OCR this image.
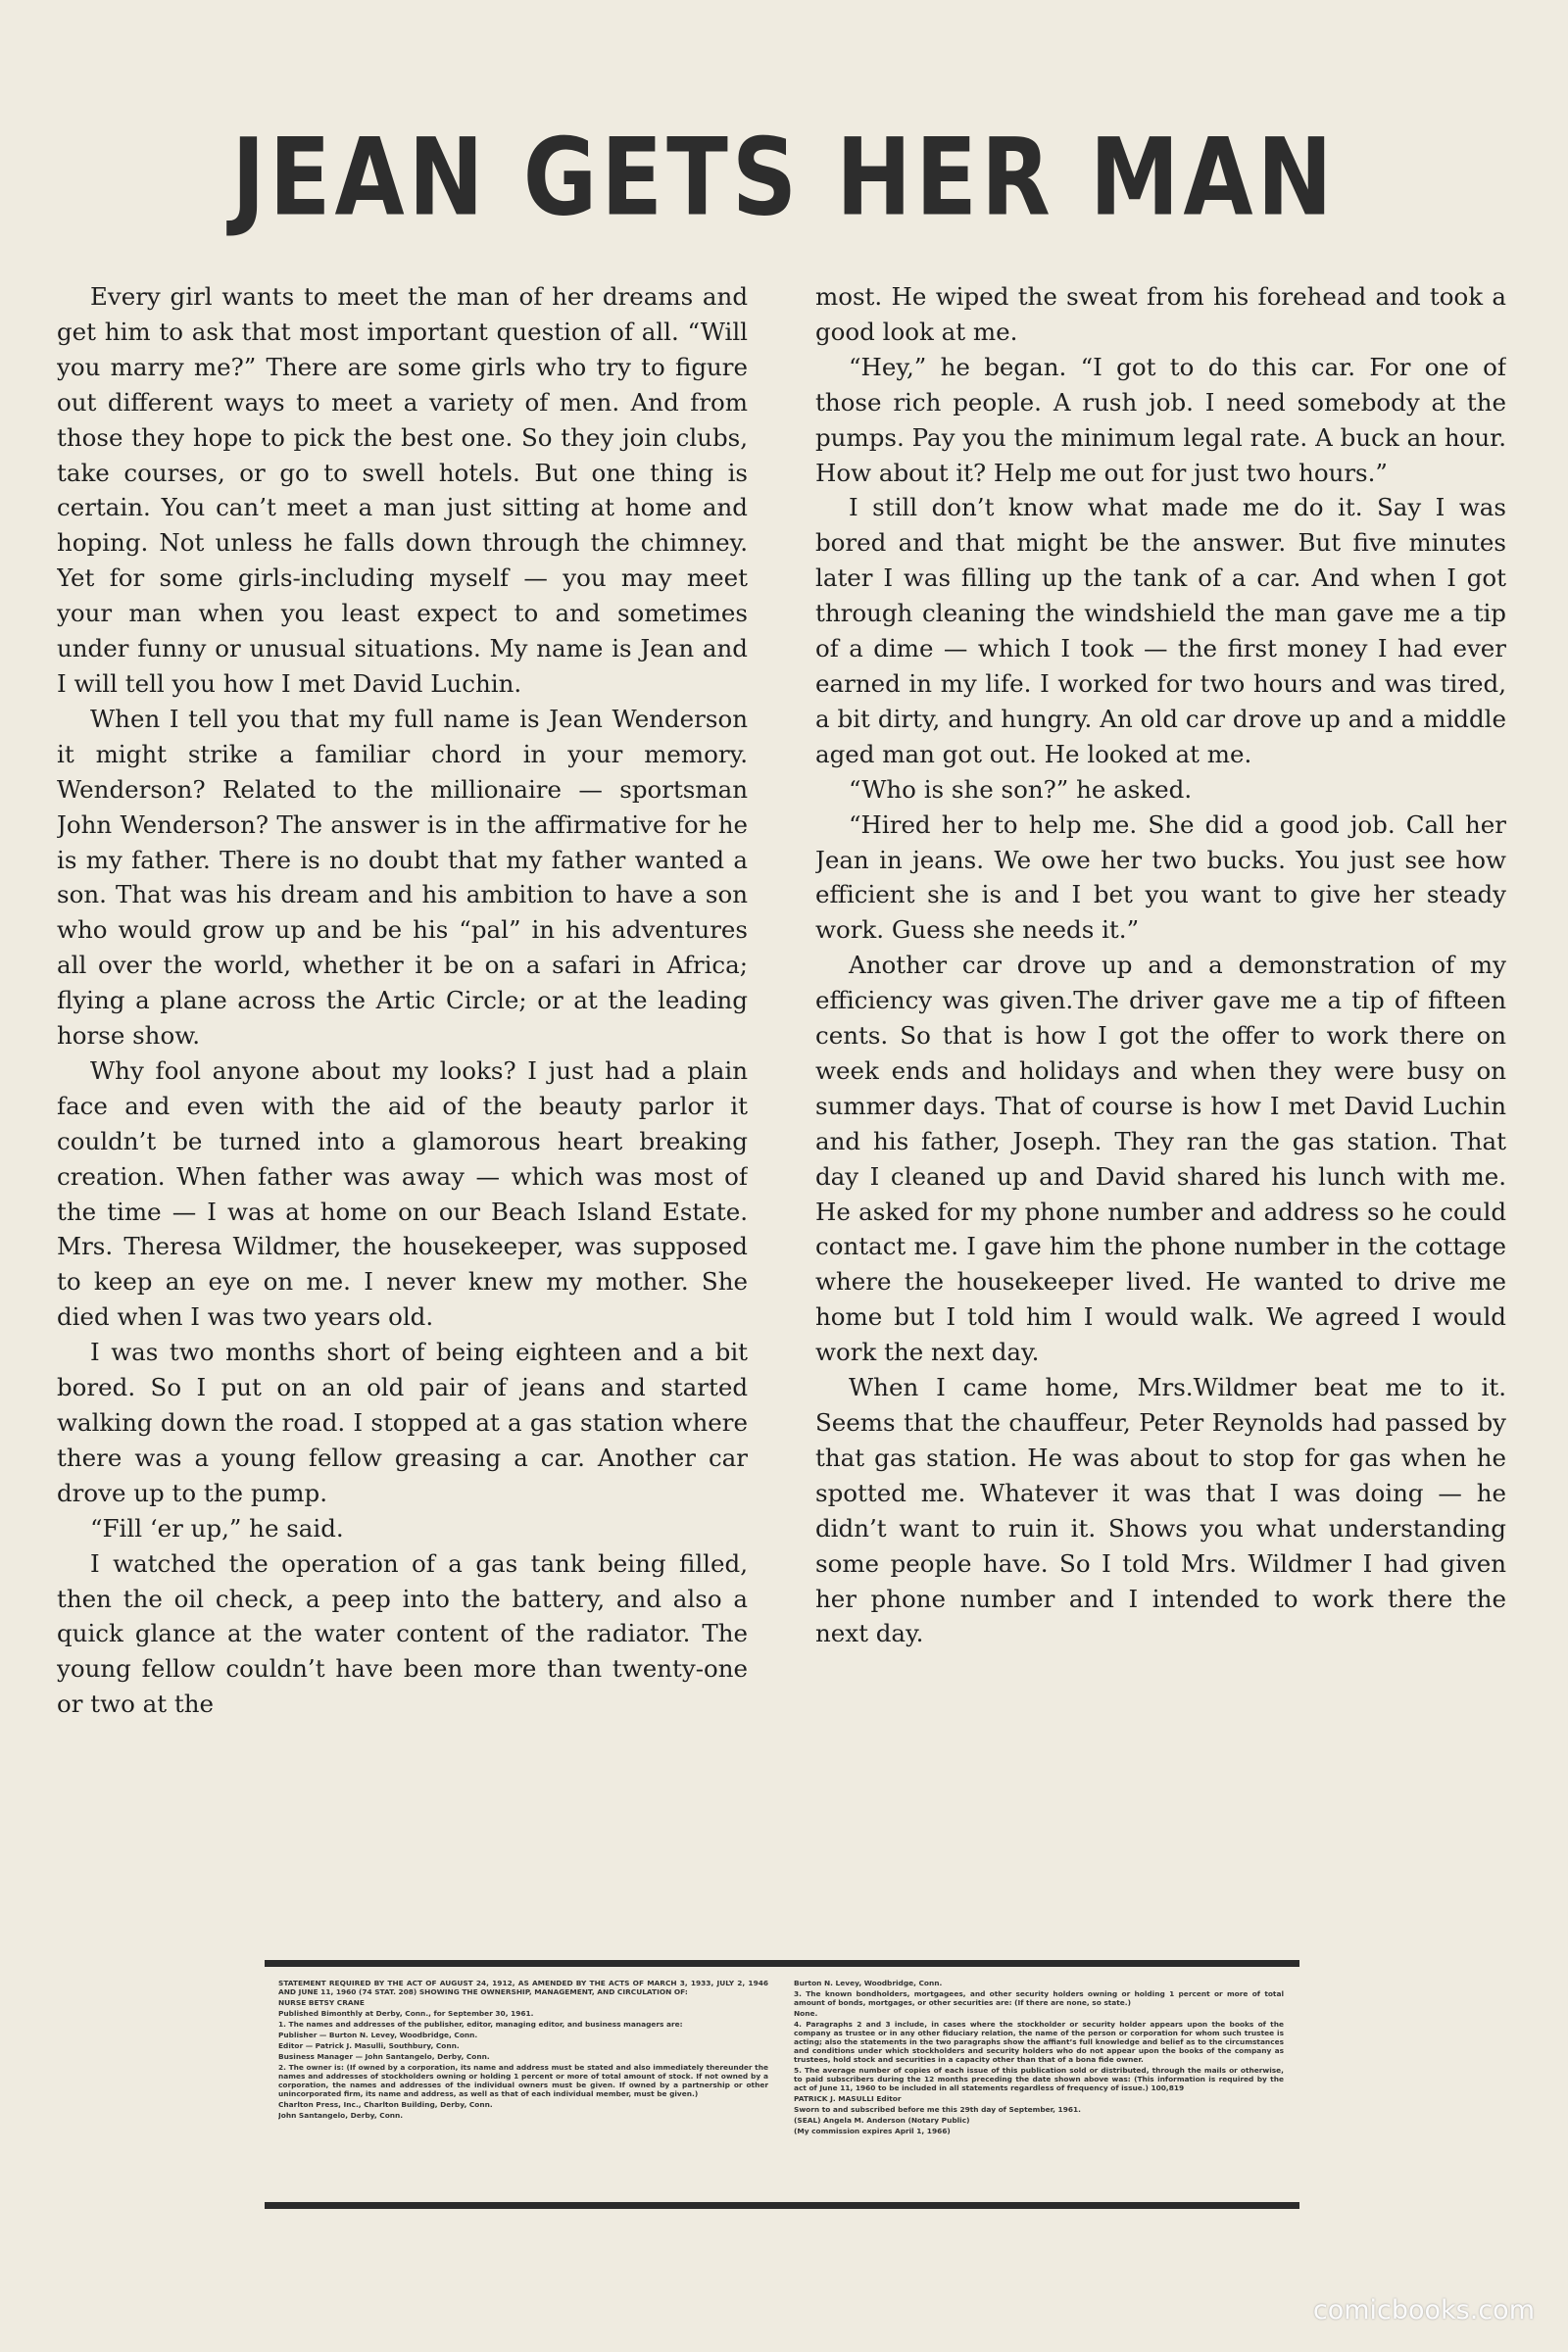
JEAN GETS HER MAN

Every girl wants to meet the man of her dreams and get him to ask that most important question of all. “Will you marry me?” There are some girls who try to figure out different ways to meet a variety of men. And from those they hope to pick the best one. So they join clubs, take courses, or go to swell hotels. But one thing is certain. You can’t meet a man just sitting at home and hoping. Not unless he falls down through the chimney. Yet for some girls-including myself — you may meet your man when you least expect to and sometimes under funny or unusual situations. My name is Jean and I will tell you how I met David Luchin.

When I tell you that my full name is Jean Wenderson it might strike a familiar chord in your memory. Wenderson? Related to the millionaire — sportsman John Wenderson? The answer is in the affirmative for he is my father. There is no doubt that my father wanted a son. That was his dream and his ambition to have a son who would grow up and be his “pal” in his adventures all over the world, whether it be on a safari in Africa; flying a plane across the Artic Circle; or at the leading horse show.

Why fool anyone about my looks? I just had a plain face and even with the aid of the beauty parlor it couldn’t be turned into a glamorous heart breaking creation. When father was away — which was most of the time — I was at home on our Beach Island Estate. Mrs. Theresa Wildmer, the housekeeper, was supposed to keep an eye on me. I never knew my mother. She died when I was two years old.

I was two months short of being eighteen and a bit bored. So I put on an old pair of jeans and started walking down the road. I stopped at a gas station where there was a young fellow greasing a car. Another car drove up to the pump.

“Fill ‘er up,” he said.

I watched the operation of a gas tank being filled, then the oil check, a peep into the battery, and also a quick glance at the water content of the radiator. The young fellow couldn’t have been more than twenty-one or two at the

most. He wiped the sweat from his forehead and took a good look at me.

“Hey,” he began. “I got to do this car. For one of those rich people. A rush job. I need somebody at the pumps. Pay you the minimum legal rate. A buck an hour. How about it? Help me out for just two hours.”

I still don’t know what made me do it. Say I was bored and that might be the answer. But five minutes later I was filling up the tank of a car. And when I got through cleaning the windshield the man gave me a tip of a dime — which I took — the first money I had ever earned in my life. I worked for two hours and was tired, a bit dirty, and hungry. An old car drove up and a middle aged man got out. He looked at me.

“Who is she son?” he asked.

“Hired her to help me. She did a good job. Call her Jean in jeans. We owe her two bucks. You just see how efficient she is and I bet you want to give her steady work. Guess she needs it.”

Another car drove up and a demonstration of my efficiency was given.The driver gave me a tip of fifteen cents. So that is how I got the offer to work there on week ends and holidays and when they were busy on summer days. That of course is how I met David Luchin and his father, Joseph. They ran the gas station. That day I cleaned up and David shared his lunch with me. He asked for my phone number and address so he could contact me. I gave him the phone number in the cottage where the housekeeper lived. He wanted to drive me home but I told him I would walk. We agreed I would work the next day.

When I came home, Mrs.Wildmer beat me to it. Seems that the chauffeur, Peter Reynolds had passed by that gas station. He was about to stop for gas when he spotted me. Whatever it was that I was doing — he didn’t want to ruin it. Shows you what understanding some people have. So I told Mrs. Wildmer I had given her phone number and I intended to work there the next day.

STATEMENT REQUIRED BY THE ACT OF AUGUST 24, 1912, AS AMENDED BY THE ACTS OF MARCH 3, 1933, JULY 2, 1946 AND JUNE 11, 1960 (74 STAT. 208) SHOWING THE OWNERSHIP, MANAGEMENT, AND CIRCULATION OF:

NURSE BETSY CRANE

Published Bimonthly at Derby, Conn., for September 30, 1961.

1. The names and addresses of the publisher, editor, managing editor, and business managers are:

Publisher — Burton N. Levey, Woodbridge, Conn.

Editor — Patrick J. Masulli, Southbury, Conn.

Business Manager — John Santangelo, Derby, Conn.

2. The owner is: (If owned by a corporation, its name and address must be stated and also immediately thereunder the names and addresses of stockholders owning or holding 1 percent or more of total amount of stock. If not owned by a corporation, the names and addresses of the individual owners must be given. If owned by a partnership or other unincorporated firm, its name and address, as well as that of each individual member, must be given.)

Charlton Press, Inc., Charlton Building, Derby, Conn.

John Santangelo, Derby, Conn.

Burton N. Levey, Woodbridge, Conn.

3. The known bondholders, mortgagees, and other security holders owning or holding 1 percent or more of total amount of bonds, mortgages, or other securities are: (If there are none, so state.)

None.

4. Paragraphs 2 and 3 include, in cases where the stockholder or security holder appears upon the books of the company as trustee or in any other fiduciary relation, the name of the person or corporation for whom such trustee is acting; also the statements in the two paragraphs show the affiant’s full knowledge and belief as to the circumstances and conditions under which stockholders and security holders who do not appear upon the books of the company as trustees, hold stock and securities in a capacity other than that of a bona fide owner.

5. The average number of copies of each issue of this publication sold or distributed, through the mails or otherwise, to paid subscribers during the 12 months preceding the date shown above was: (This information is required by the act of June 11, 1960 to be included in all statements regardless of frequency of issue.) 100,819

PATRICK J. MASULLI Editor

Sworn to and subscribed before me this 29th day of September, 1961.

(SEAL) Angela M. Anderson (Notary Public)

(My commission expires April 1, 1966)

comicbooks.com
